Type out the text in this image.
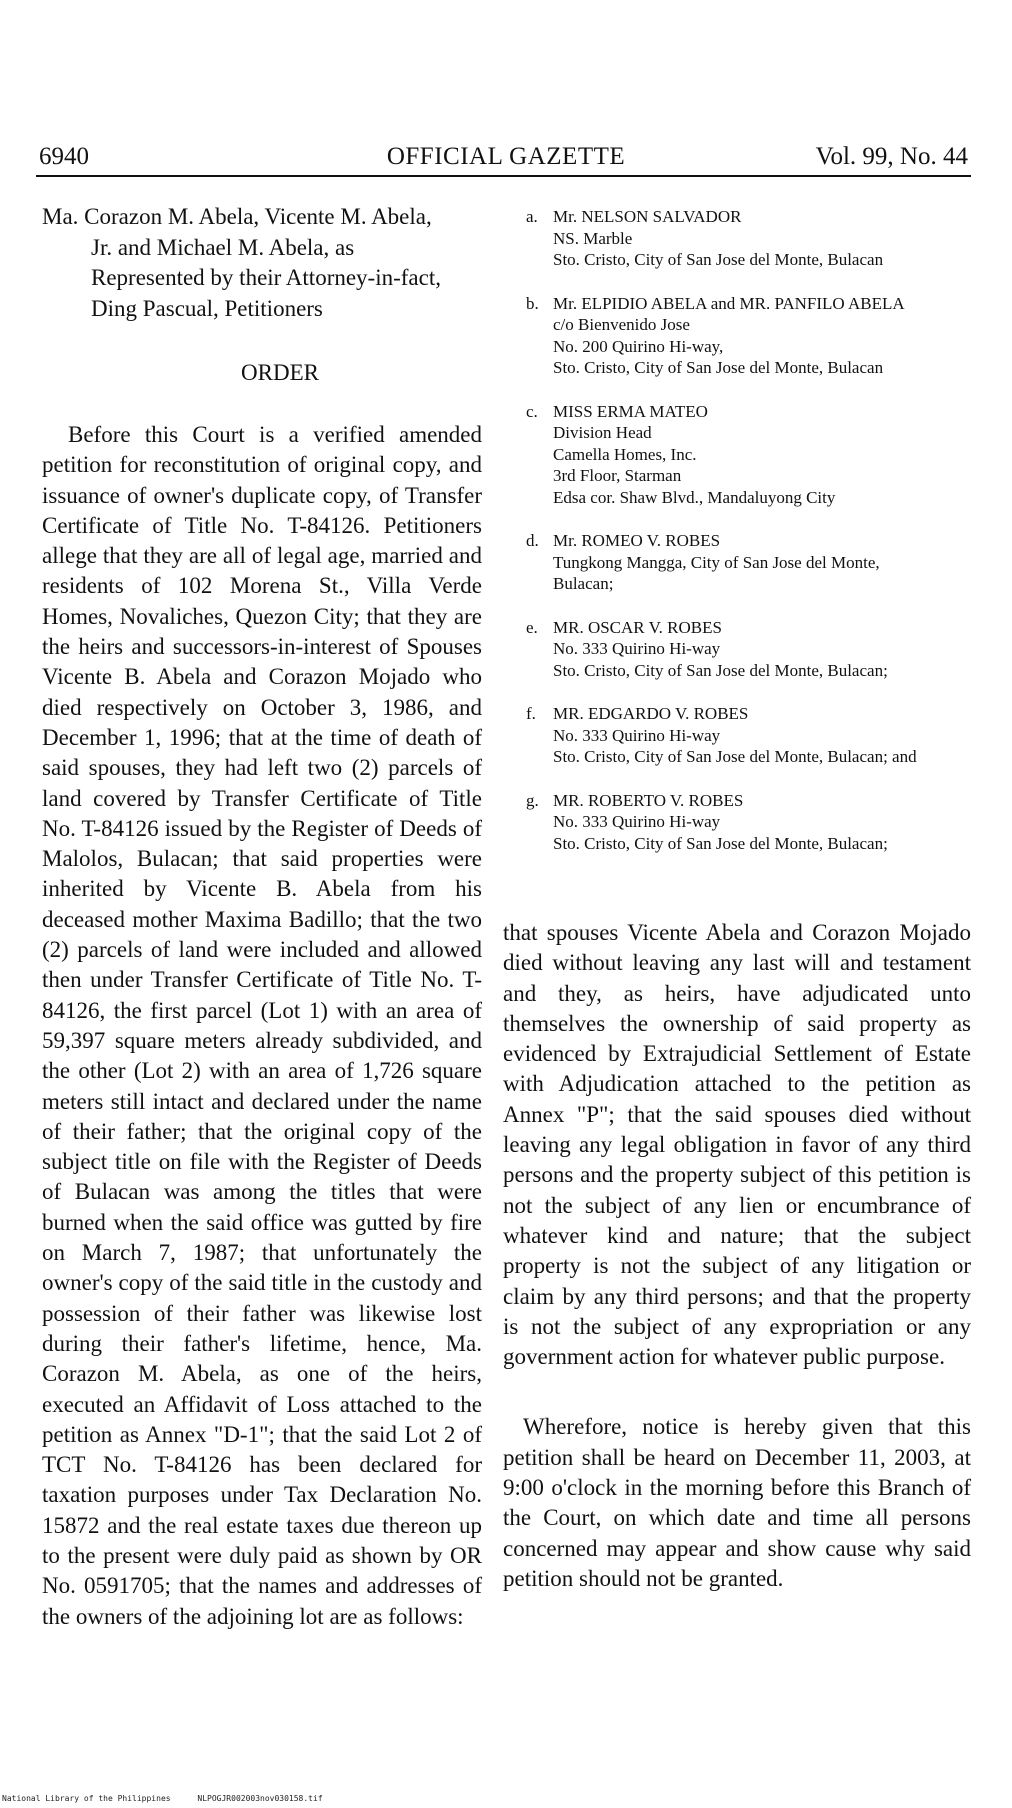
6940	OFFICIAL GAZETTE	Vol. 99, No. 44
Ma. Corazon M. Abela, Vicente M. Abela,
Jr. and Michael M. Abela, as
Represented by their Attorney-in-fact,
Ding Pascual, Petitioners
ORDER

Before this Court is a verified amended petition for reconstitution of original copy, and issuance of owner's duplicate copy, of Transfer Certificate of Title No. T-84126. Petitioners allege that they are all of legal age, married and residents of 102 Morena St., Villa Verde Homes, Novaliches, Quezon City; that they are the heirs and successors-in-interest of Spouses Vicente B. Abela and Corazon Mojado who died respectively on October 3, 1986, and December 1, 1996; that at the time of death of said spouses, they had left two (2) parcels of land covered by Transfer Certificate of Title No. T-84126 issued by the Register of Deeds of Malolos, Bulacan; that said properties were inherited by Vicente B. Abela from his deceased mother Maxima Badillo; that the two (2) parcels of land were included and allowed then under Transfer Certificate of Title No. T-84126, the first parcel (Lot 1) with an area of 59,397 square meters already subdivided, and the other (Lot 2) with an area of 1,726 square meters still intact and declared under the name of their father; that the original copy of the subject title on file with the Register of Deeds of Bulacan was among the titles that were burned when the said office was gutted by fire on March 7, 1987; that unfortunately the owner's copy of the said title in the custody and possession of their father was likewise lost during their father's lifetime, hence, Ma. Corazon M. Abela, as one of the heirs, executed an Affidavit of Loss attached to the petition as Annex "D-1"; that the said Lot 2 of TCT No. T-84126 has been declared for taxation purposes under Tax Declaration No. 15872 and the real estate taxes due thereon up to the present were duly paid as shown by OR No. 0591705; that the names and addresses of the owners of the adjoining lot are as follows:

a. Mr. NELSON SALVADOR
NS. Marble
Sto. Cristo, City of San Jose del Monte, Bulacan
b. Mr. ELPIDIO ABELA and MR. PANFILO ABELA
c/o Bienvenido Jose
No. 200 Quirino Hi-way,
Sto. Cristo, City of San Jose del Monte, Bulacan
c. MISS ERMA MATEO
Division Head
Camella Homes, Inc.
3rd Floor, Starman
Edsa cor. Shaw Blvd., Mandaluyong City
d. Mr. ROMEO V. ROBES
Tungkong Mangga, City of San Jose del Monte,
Bulacan;
e. MR. OSCAR V. ROBES
No. 333 Quirino Hi-way
Sto. Cristo, City of San Jose del Monte, Bulacan;
f. MR. EDGARDO V. ROBES
No. 333 Quirino Hi-way
Sto. Cristo, City of San Jose del Monte, Bulacan; and
g. MR. ROBERTO V. ROBES
No. 333 Quirino Hi-way
Sto. Cristo, City of San Jose del Monte, Bulacan;

that spouses Vicente Abela and Corazon Mojado died without leaving any last will and testament and they, as heirs, have adjudicated unto themselves the ownership of said property as evidenced by Extrajudicial Settlement of Estate with Adjudication attached to the petition as Annex "P"; that the said spouses died without leaving any legal obligation in favor of any third persons and the property subject of this petition is not the subject of any lien or encumbrance of whatever kind and nature; that the subject property is not the subject of any litigation or claim by any third persons; and that the property is not the subject of any expropriation or any government action for whatever public purpose.

Wherefore, notice is hereby given that this petition shall be heard on December 11, 2003, at 9:00 o'clock in the morning before this Branch of the Court, on which date and time all persons concerned may appear and show cause why said petition should not be granted.

National Library of the Philippines	NLPOGJR002003nov030158.tif
